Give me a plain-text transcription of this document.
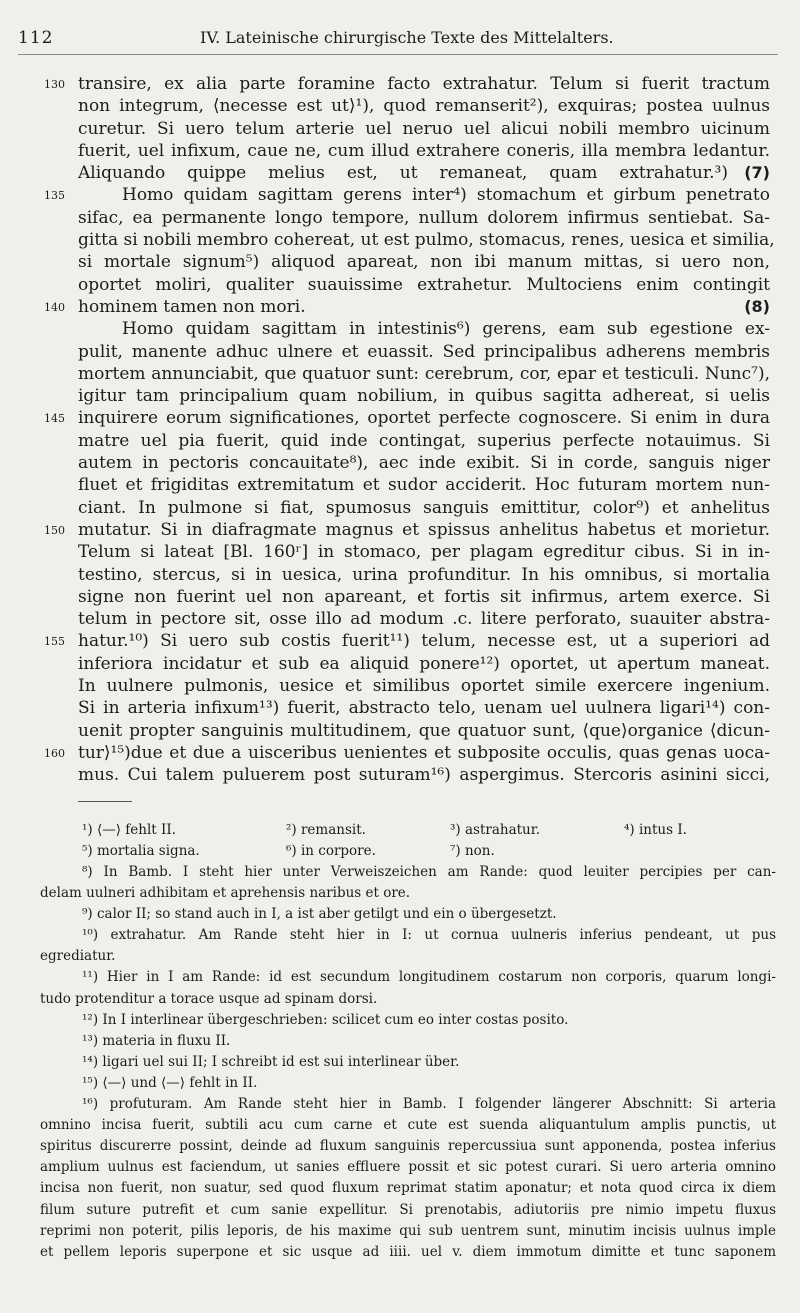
112	IV. Lateinische chirurgische Texte des Mittelalters.
130 transire, ex alia parte foramine facto extrahatur. Telum si fuerit tractum
non integrum, ⟨necesse est ut⟩¹), quod remanserit²), exquiras; postea uulnus
curetur. Si uero telum arterie uel neruo uel alicui nobili membro uicinum
fuerit, uel infixum, caue ne, cum illud extrahere coneris, illa membra ledantur.
Aliquando quippe melius est, ut remaneat, quam extrahatur.³) (7)
135	Homo quidam sagittam gerens inter⁴) stomachum et girbum penetrato
sifac, ea permanente longo tempore, nullum dolorem infirmus sentiebat. Sa-
gitta si nobili membro cohereat, ut est pulmo, stomacus, renes, uesica et similia,
si mortale signum⁵) aliquod apareat, non ibi manum mittas, si uero non,
oportet moliri, qualiter suauissime extrahetur. Multociens enim contingit
140 hominem tamen non mori.	(8)
Homo quidam sagittam in intestinis⁶) gerens, eam sub egestione ex-
pulit, manente adhuc ulnere et euassit. Sed principalibus adherens membris
mortem annunciabit, que quatuor sunt: cerebrum, cor, epar et testiculi. Nunc⁷),
igitur tam principalium quam nobilium, in quibus sagitta adhereat, si uelis
145 inquirere eorum significationes, oportet perfecte cognoscere. Si enim in dura
matre uel pia fuerit, quid inde contingat, superius perfecte notauimus. Si
autem in pectoris concauitate⁸), aec inde exibit. Si in corde, sanguis niger
fluet et frigiditas extremitatum et sudor acciderit. Hoc futuram mortem nun-
ciant. In pulmone si fiat, spumosus sanguis emittitur, color⁹) et anhelitus
150 mutatur. Si in diafragmate magnus et spissus anhelitus habetus et morietur.
Telum si lateat [Bl. 160ʳ] in stomaco, per plagam egreditur cibus. Si in in-
testino, stercus, si in uesica, urina profunditur. In his omnibus, si mortalia
signe non fuerint uel non apareant, et fortis sit infirmus, artem exerce. Si
telum in pectore sit, osse illo ad modum .c. litere perforato, suauiter abstra-
155 hatur.¹⁰) Si uero sub costis fuerit¹¹) telum, necesse est, ut a superiori ad
inferiora incidatur et sub ea aliquid ponere¹²) oportet, ut apertum maneat.
In uulnere pulmonis, uesice et similibus oportet simile exercere ingenium.
Si in arteria infixum¹³) fuerit, abstracto telo, uenam uel uulnera ligari¹⁴) con-
uenit propter sanguinis multitudinem, que quatuor sunt, ⟨que⟩organice ⟨dicun-
160 tur⟩¹⁵)due et due a uisceribus uenientes et subposite occulis, quas genas uoca-
mus. Cui talem puluerem post suturam¹⁶) aspergimus. Stercoris asinini sicci,
¹) ⟨—⟩ fehlt II.	²) remansit.	³) astrahatur.	⁴) intus I.
⁵) mortalia signa.	⁶) in corpore.	⁷) non.
⁸) In Bamb. I steht hier unter Verweiszeichen am Rande: quod leuiter percipies per can-
delam uulneri adhibitam et aprehensis naribus et ore.
⁹) calor II; so stand auch in I, a ist aber getilgt und ein o übergesetzt.
¹⁰) extrahatur. Am Rande steht hier in I: ut cornua uulneris inferius pendeant, ut pus
egrediatur.
¹¹) Hier in I am Rande: id est secundum longitudinem costarum non corporis, quarum longi-
tudo protenditur a torace usque ad spinam dorsi.
¹²) In I interlinear übergeschrieben: scilicet cum eo inter costas posito.
¹³) materia in fluxu II.
¹⁴) ligari uel sui II; I schreibt id est sui interlinear über.
¹⁵) ⟨—⟩ und ⟨—⟩ fehlt in II.
¹⁶) profuturam. Am Rande steht hier in Bamb. I folgender längerer Abschnitt: Si arteria
omnino incisa fuerit, subtili acu cum carne et cute est suenda aliquantulum amplis punctis, ut
spiritus discurerre possint, deinde ad fluxum sanguinis repercussiua sunt apponenda, postea inferius
amplium uulnus est faciendum, ut sanies effluere possit et sic potest curari. Si uero arteria omnino
incisa non fuerit, non suatur, sed quod fluxum reprimat statim aponatur; et nota quod circa ix diem
filum suture putrefit et cum sanie expellitur. Si prenotabis, adiutoriis pre nimio impetu fluxus
reprimi non poterit, pilis leporis, de his maxime qui sub uentrem sunt, minutim incisis uulnus imple
et pellem leporis superpone et sic usque ad iiii. uel v. diem immotum dimitte et tunc saponem
